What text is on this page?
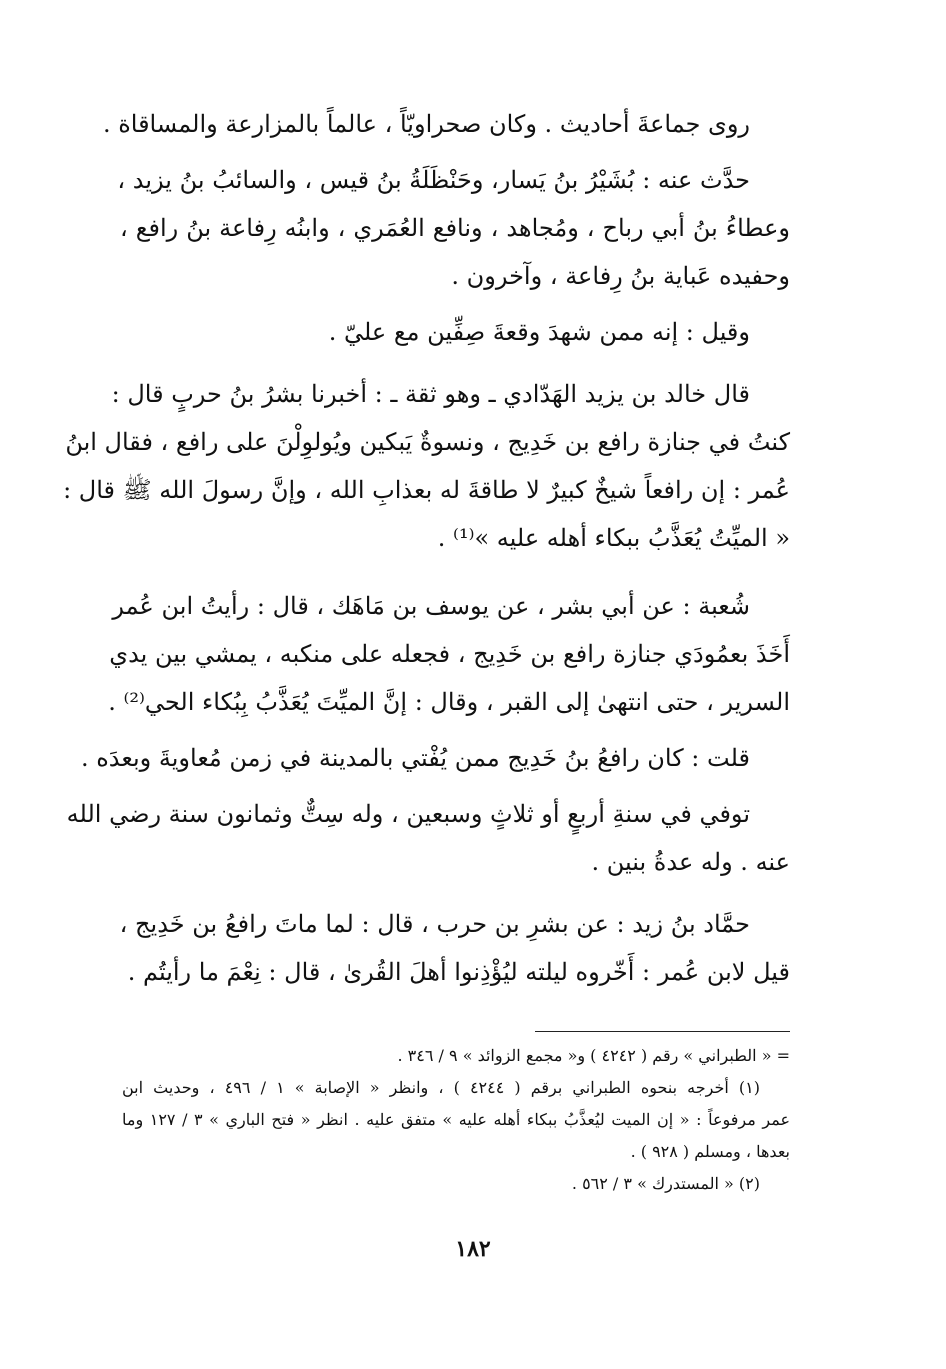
روى جماعةَ أحاديث . وكان صحراويّاً ، عالماً بالمزارعة والمساقاة .

حدَّث عنه : بُشَيْرُ بنُ يَسار، وحَنْظَلَةُ بنُ قيس ، والسائبُ بنُ يزيد ،
وعطاءُ بنُ أبي رباح ، ومُجاهد ، ونافع العُمَري ، وابنُه رِفاعة بنُ رافع ،
وحفيده عَباية بنُ رِفاعة ، وآخرون .

وقيل : إنه ممن شهدَ وقعةَ صِفِّين مع عليّ .

قال خالد بن يزيد الهَدّادي ـ وهو ثقة ـ : أخبرنا بشرُ بنُ حربٍ قال :
كنتُ في جنازة رافع بن خَدِيج ، ونسوةٌ يَبكين ويُولوِلْنَ على رافع ، فقال ابنُ
عُمر : إن رافعاً شيخٌ كبيرٌ لا طاقةَ له بعذابِ الله ، وإنَّ رسولَ الله ﷺ قال :
« الميِّتُ يُعَذَّبُ ببكاء أهله عليه »⁽¹⁾ .

شُعبة : عن أبي بشر ، عن يوسف بن مَاهَك ، قال : رأيتُ ابن عُمر
أَخَذَ بعمُودَي جنازة رافع بن خَدِيج ، فجعله على منكبه ، يمشي بين يدي
السرير ، حتى انتهىٰ إلى القبر ، وقال : إنَّ الميِّتَ يُعَذَّبُ بِبُكاء الحي⁽²⁾ .

قلت : كان رافعُ بنُ خَدِيج ممن يُفْتي بالمدينة في زمن مُعاويةَ وبعدَه .

توفي في سنةِ أربعٍ أو ثلاثٍ وسبعين ، وله سِتٌّ وثمانون سنة رضي الله
عنه . وله عدةُ بنين .

حمَّاد بنُ زيد : عن بشرِ بن حرب ، قال : لما ماتَ رافعُ بن خَدِيج ،
قيل لابن عُمر : أَخّروه ليلته ليُؤْذِنوا أهلَ القُرىٰ ، قال : نِعْمَ ما رأيتُم .

= « الطبراني » رقم ( ٤٢٤٢ ) و« مجمع الزوائد » ٩ / ٣٤٦ .
(١) أخرجه بنحوه الطبراني برقم ( ٤٢٤٤ ) ، وانظر « الإصابة » ١ / ٤٩٦ ، وحديث ابن
عمر مرفوعاً : « إن الميت ليُعذَّبُ ببكاء أهله عليه » متفق عليه . انظر « فتح الباري » ٣ / ١٢٧ وما
بعدها ، ومسلم ( ٩٢٨ ) .
(٢) « المستدرك » ٣ / ٥٦٢ .
١٨٢
